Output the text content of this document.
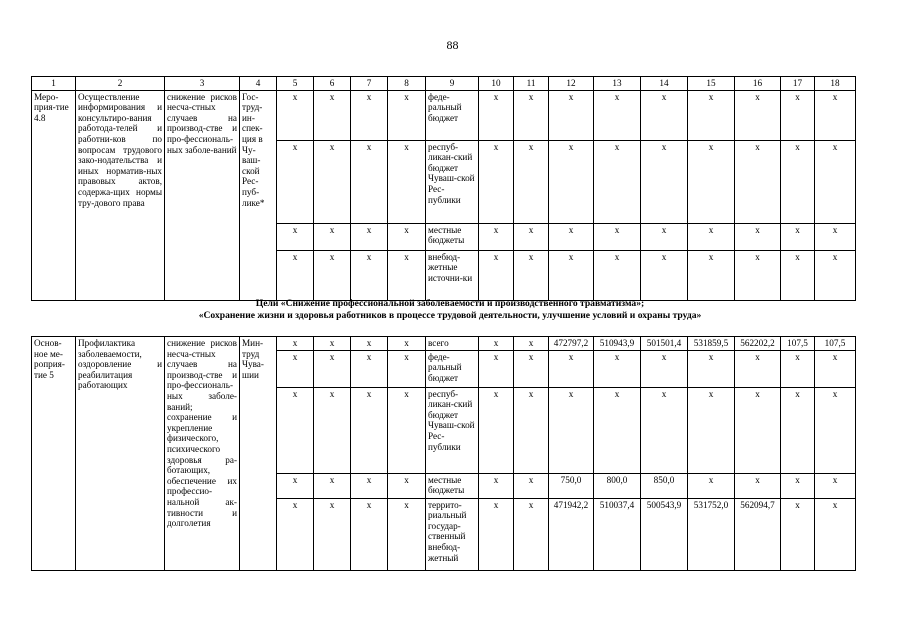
88
1	2	3	4	5	6	7	8	9	10	11	12	13	14	15	16	17	18
Меро-прия-тие 4.8	Осуществление информирования и консультиро-вания работода-телей и работни-ков по вопросам трудового зако-нодательства и иных норматив-ных правовых актов, содержа-щих нормы тру-дового права	снижение рисков несча-стных случаев на производ-стве и про-фессиональ-ных заболе-ваний	Гос-труд-ин-спек-ция в Чу-ваш-ской Рес-пуб-лике*	x	x	x	x	феде-ральный бюджет	x	x	x	x	x	x	x	x	x
				x	x	x	x	респуб-ликан-ский бюджет Чуваш-ской Рес-публики	x	x	x	x	x	x	x	x	x
				x	x	x	x	местные бюджеты	x	x	x	x	x	x	x	x	x
				x	x	x	x	внебюд-жетные источни-ки	x	x	x	x	x	x	x	x	x
Цели «Снижение профессиональной заболеваемости и производственного травматизма»;
«Сохранение жизни и здоровья работников в процессе трудовой деятельности, улучшение условий и охраны труда»
Основ-ное ме-роприя-тие 5	Профилактика заболеваемости, оздоровление и реабилитация работающих	снижение рисков несча-стных случаев на производ-стве и про-фессиональ-ных заболе-ваний; сохранение и укрепление физического, психического здоровья ра-ботающих, обеспечение их профессио-нальной ак-тивности и долголетия	Мин-труд Чува-шии	x	x	x	x	всего	x	x	472797,2	510943,9	501501,4	531859,5	562202,2	107,5	107,5
				x	x	x	x	феде-ральный бюджет	x	x	x	x	x	x	x	x	x
				x	x	x	x	респуб-ликан-ский бюджет Чуваш-ской Рес-публики	x	x	x	x	x	x	x	x	x
				x	x	x	x	местные бюджеты	x	x	750,0	800,0	850,0	x	x	x	x
				x	x	x	x	террито-риальный государ-ственный внебюд-жетный	x	x	471942,2	510037,4	500543,9	531752,0	562094,7	x	x
